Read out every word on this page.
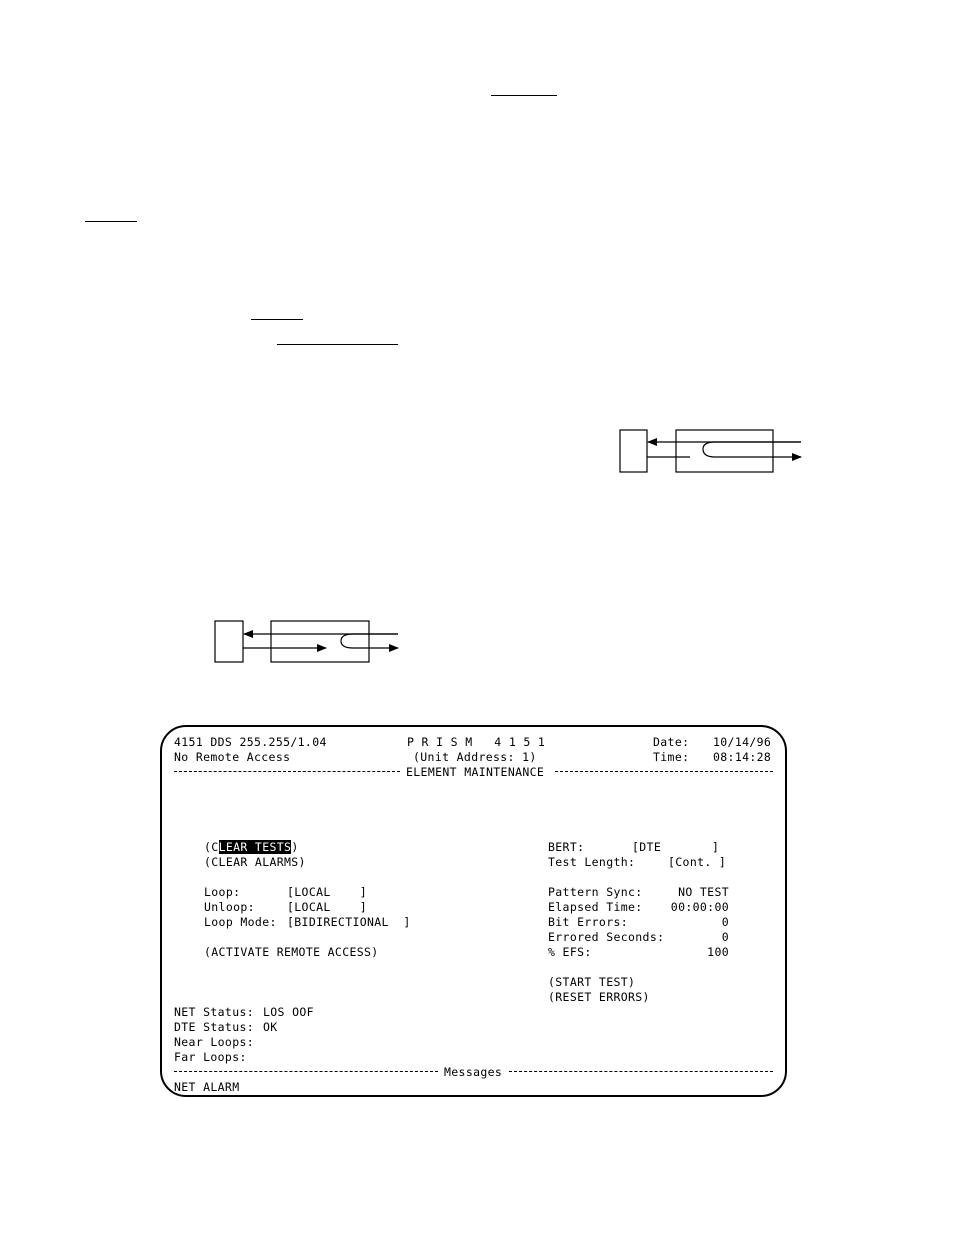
4151 DDS 255.255/1.04	P R I S M   4 1 5 1	Date: 10/14/96
No Remote Access	(Unit Address: 1)	Time: 08:14:28
ELEMENT MAINTENANCE
(CLEAR TESTS)
(CLEAR ALARMS)
Loop:	[LOCAL    ]
Unloop:	[LOCAL    ]
Loop Mode: [BIDIRECTIONAL  ]
(ACTIVATE REMOTE ACCESS)
BERT:	[DTE       ]
Test Length:	[Cont. ]
Pattern Sync:	NO TEST
Elapsed Time:	00:00:00
Bit Errors:	0
Errored Seconds:	0
% EFS:	100
(START TEST)
(RESET ERRORS)
NET Status: LOS OOF
DTE Status: OK
Near Loops:
Far Loops:
Messages
NET ALARM
